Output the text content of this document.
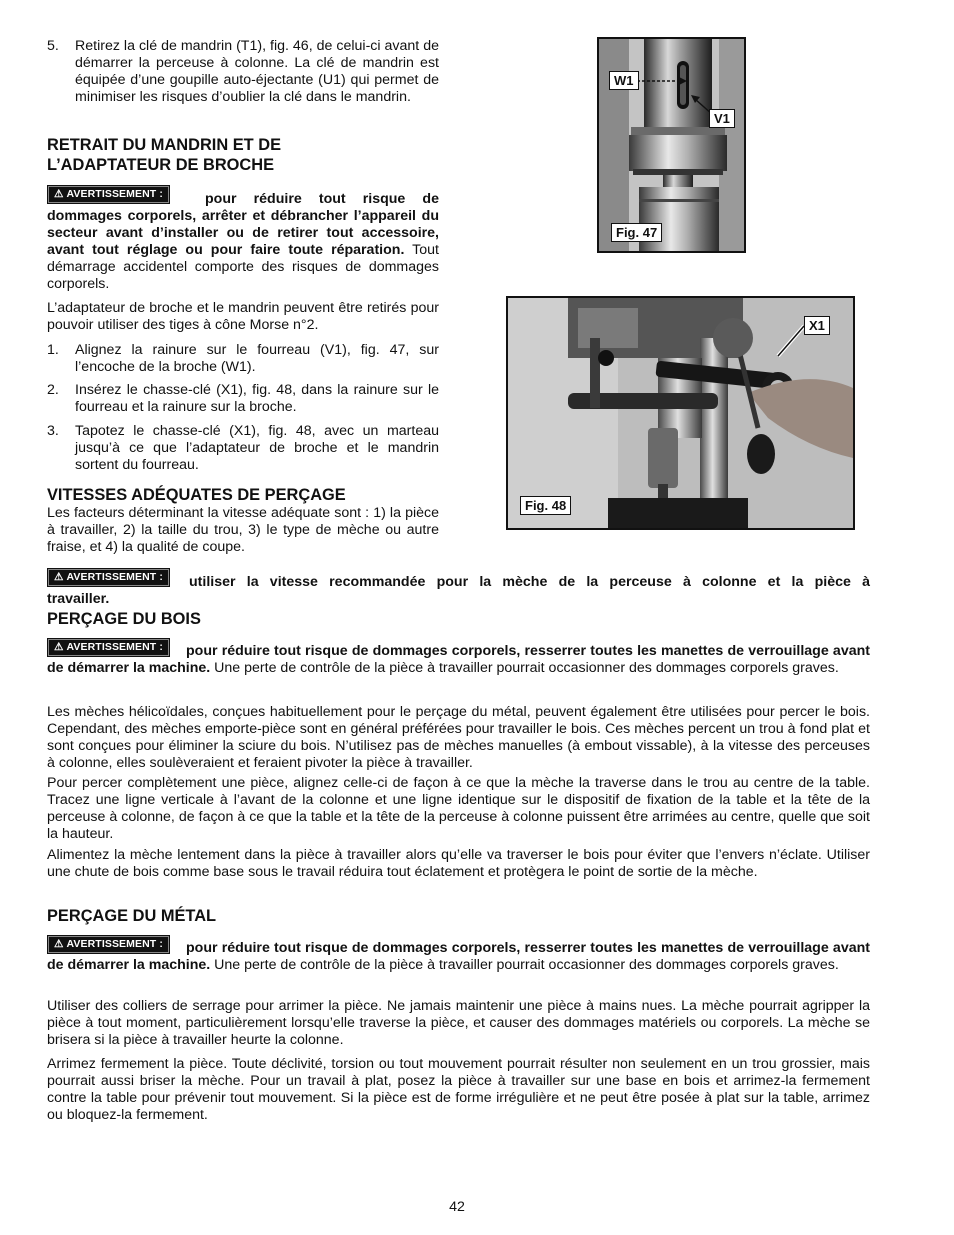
5. Retirez la clé de mandrin (T1), fig. 46, de celui-ci avant de démarrer la perceuse à colonne. La clé de mandrin est équipée d’une goupille auto-éjectante (U1) qui permet de minimiser les risques d’oublier la clé dans le mandrin.
RETRAIT DU MANDRIN ET DE
L’ADAPTATEUR DE BROCHE
⚠ AVERTISSEMENT :	pour réduire tout risque de

dommages corporels, arrêter et débrancher l’appareil du secteur avant d’installer ou de retirer tout accessoire, avant tout réglage ou pour faire toute réparation. Tout démarrage accidentel comporte des risques de dommages corporels.

L’adaptateur de broche et le mandrin peuvent être retirés pour pouvoir utiliser des tiges à cône Morse n°2.

1. Alignez la rainure sur le fourreau (V1), fig. 47, sur l’encoche de la broche (W1).
2. Insérez le chasse-clé (X1), fig. 48, dans la rainure sur le fourreau et la rainure sur la broche.
3. Tapotez le chasse-clé (X1), fig. 48, avec un marteau jusqu’à ce que l’adaptateur de broche et le mandrin sortent du fourreau.
VITESSES ADÉQUATES DE PERÇAGE

Les facteurs déterminant la vitesse adéquate sont : 1) la pièce à travailler, 2) la taille du trou, 3) le type de mèche ou autre fraise, et 4) la qualité de coupe.

W1
V1
Fig. 47
X1
Fig. 48
⚠ AVERTISSEMENT :	utiliser la vitesse recommandée pour la mèche de la perceuse à colonne et la pièce à travailler.

PERÇAGE DU BOIS
⚠ AVERTISSEMENT :	pour réduire tout risque de dommages corporels, resserrer toutes les manettes de verrouillage avant de démarrer la machine. Une perte de contrôle de la pièce à travailler pourrait occasionner des dommages corporels graves.

Les mèches hélicoïdales, conçues habituellement pour le perçage du métal, peuvent également être utilisées pour percer le bois. Cependant, des mèches emporte-pièce sont en général préférées pour travailler le bois. Ces mèches percent un trou à fond plat et sont conçues pour éliminer la sciure du bois. N’utilisez pas de mèches manuelles (à embout vissable), à la vitesse des perceuses à colonne, elles soulèveraient et feraient pivoter la pièce à travailler.

Pour percer complètement une pièce, alignez celle-ci de façon à ce que la mèche la traverse dans le trou au centre de la table. Tracez une ligne verticale à l’avant de la colonne et une ligne identique sur le dispositif de fixation de la table et la tête de la perceuse à colonne, de façon à ce que la table et la tête de la perceuse à colonne puissent être arrimées au centre, quelle que soit la hauteur.

Alimentez la mèche lentement dans la pièce à travailler alors qu’elle va traverser le bois pour éviter que l’envers n’éclate. Utiliser une chute de bois comme base sous le travail réduira tout éclatement et protègera le point de sortie de la mèche.

PERÇAGE DU MÉTAL
⚠ AVERTISSEMENT :	pour réduire tout risque de dommages corporels, resserrer toutes les manettes de verrouillage avant de démarrer la machine. Une perte de contrôle de la pièce à travailler pourrait occasionner des dommages corporels graves.

Utiliser des colliers de serrage pour arrimer la pièce. Ne jamais maintenir une pièce à mains nues. La mèche pourrait agripper la pièce à tout moment, particulièrement lorsqu’elle traverse la pièce, et causer des dommages matériels ou corporels. La mèche se brisera si la pièce à travailler heurte la colonne.

Arrimez fermement la pièce. Toute déclivité, torsion ou tout mouvement pourrait résulter non seulement en un trou grossier, mais pourrait aussi briser la mèche. Pour un travail à plat, posez la pièce à travailler sur une base en bois et arrimez-la fermement contre la table pour prévenir tout mouvement. Si la pièce est de forme irrégulière et ne peut être posée à plat sur la table, arrimez ou bloquez-la fermement.

42
